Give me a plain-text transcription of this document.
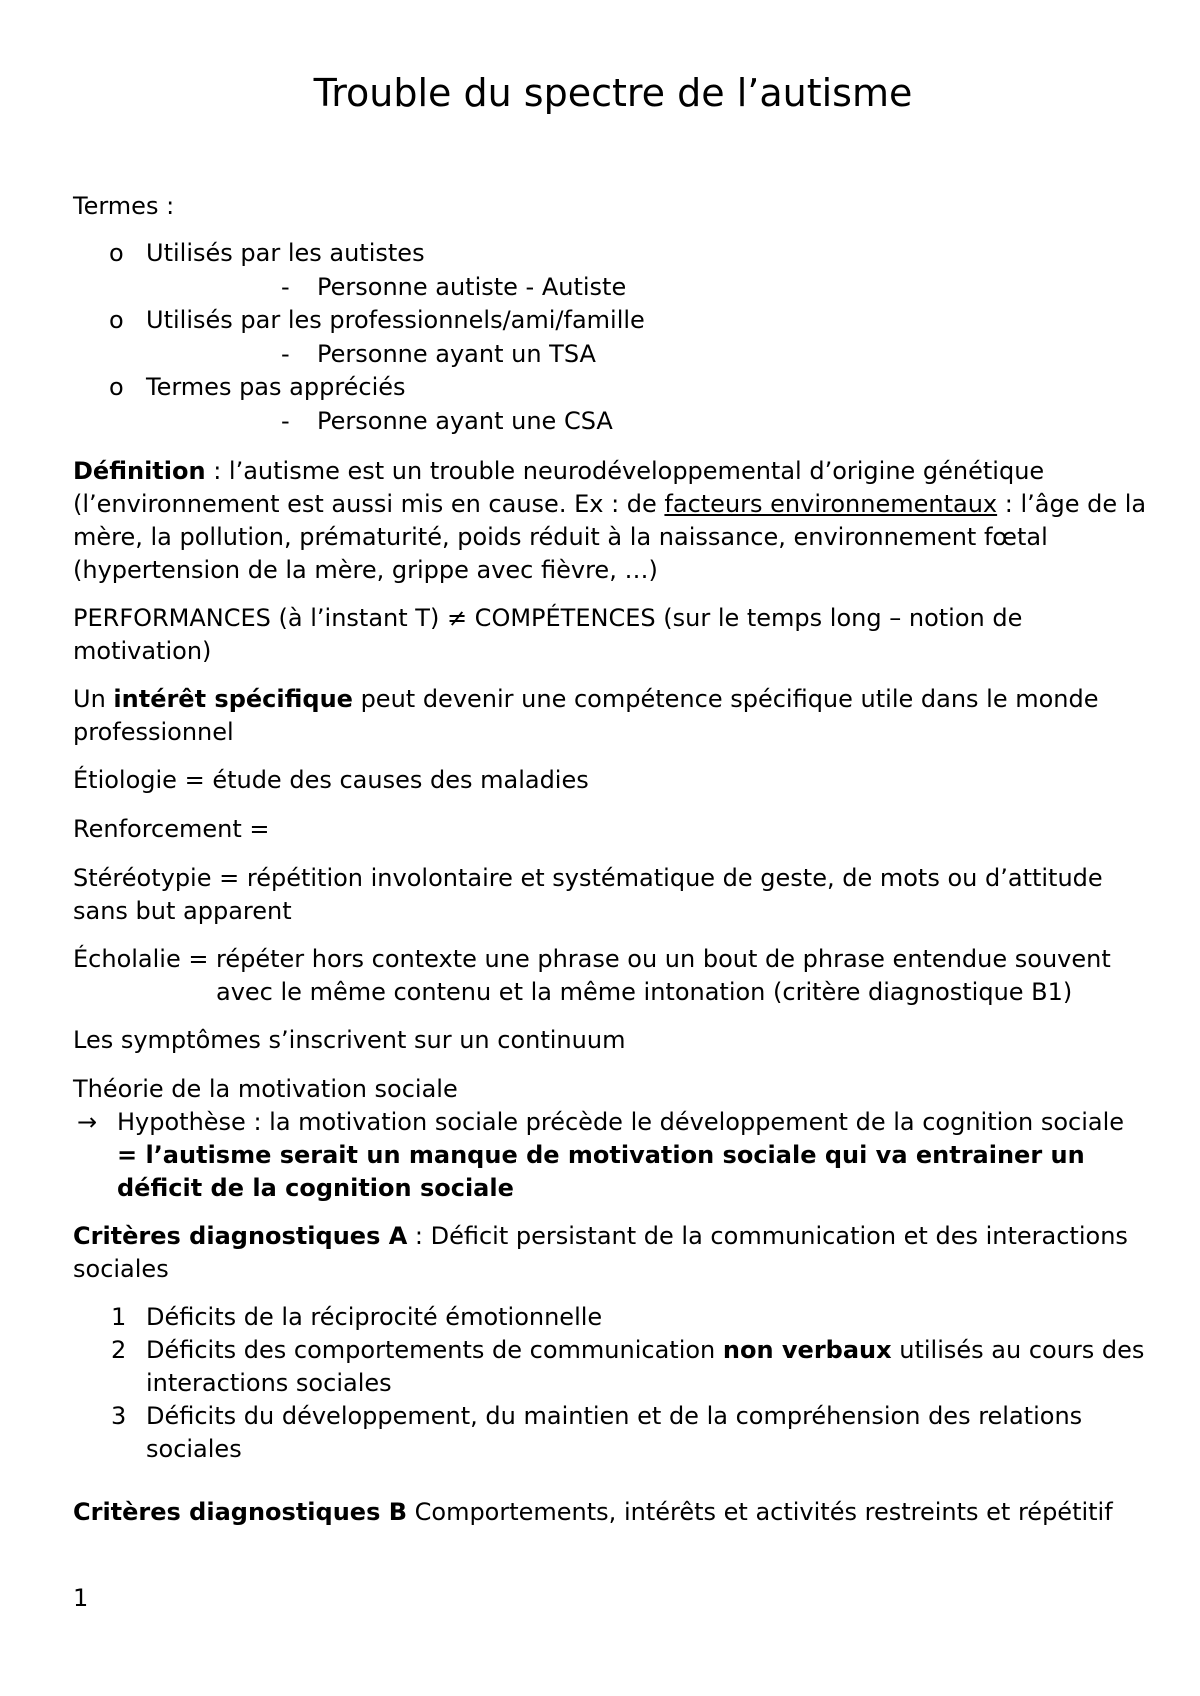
Trouble du spectre de l’autisme

Termes :

o Utilisés par les autistes

- Personne autiste - Autiste

o Utilisés par les professionnels/ami/famille

- Personne ayant un TSA

o Termes pas appréciés

- Personne ayant une CSA

Définition : l’autisme est un trouble neurodéveloppemental d’origine génétique (l’environnement est aussi mis en cause. Ex : de facteurs environnementaux : l’âge de la mère, la pollution, prématurité, poids réduit à la naissance, environnement fœtal (hypertension de la mère, grippe avec fièvre, …)

PERFORMANCES (à l’instant T) ≠ COMPÉTENCES (sur le temps long – notion de motivation)

Un intérêt spécifique peut devenir une compétence spécifique utile dans le monde professionnel

Étiologie = étude des causes des maladies

Renforcement =

Stéréotypie = répétition involontaire et systématique de geste, de mots ou d’attitude sans but apparent

Écholalie = répéter hors contexte une phrase ou un bout de phrase entendue souvent
avec le même contenu et la même intonation (critère diagnostique B1)

Les symptômes s’inscrivent sur un continuum

Théorie de la motivation sociale

→ Hypothèse : la motivation sociale précède le développement de la cognition sociale = l’autisme serait un manque de motivation sociale qui va entrainer un déficit de la cognition sociale

Critères diagnostiques A : Déficit persistant de la communication et des interactions sociales

1 Déficits de la réciprocité émotionnelle

2 Déficits des comportements de communication non verbaux utilisés au cours des interactions sociales

3 Déficits du développement, du maintien et de la compréhension des relations sociales

Critères diagnostiques B Comportements, intérêts et activités restreints et répétitif

1
